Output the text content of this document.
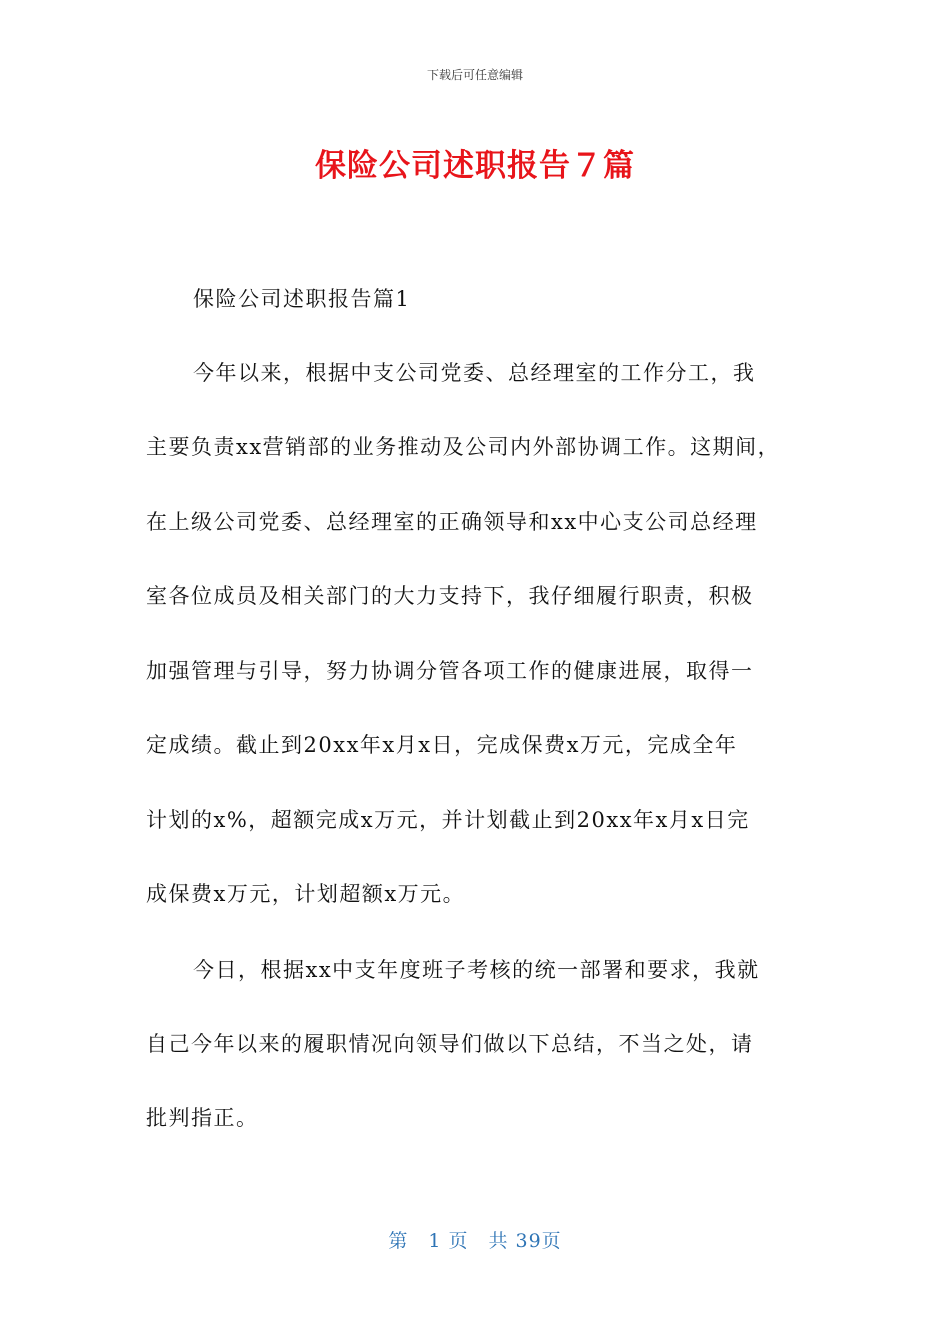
下载后可任意编辑
保险公司述职报告７篇
保险公司述职报告篇1
今年以来，根据中支公司党委、总经理室的工作分工，我
主要负责xx营销部的业务推动及公司内外部协调工作。这期间，
在上级公司党委、总经理室的正确领导和xx中心支公司总经理
室各位成员及相关部门的大力支持下，我仔细履行职责，积极
加强管理与引导，努力协调分管各项工作的健康进展，取得一
定成绩。截止到20xx年x月x日，完成保费x万元，完成全年
计划的x%，超额完成x万元，并计划截止到20xx年x月x日完
成保费x万元，计划超额x万元。
今日，根据xx中支年度班子考核的统一部署和要求，我就
自己今年以来的履职情况向领导们做以下总结，不当之处，请
批判指正。
第　1 页　共 39页
